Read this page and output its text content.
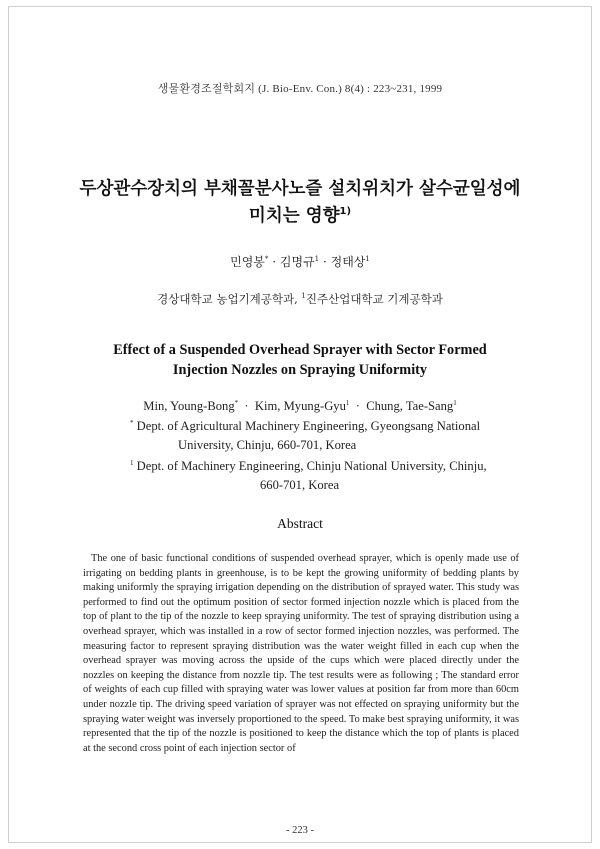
생물환경조절학회지 (J. Bio-Env. Con.) 8(4) : 223~231, 1999
두상관수장치의 부채꼴분사노즐 설치위치가 살수균일성에
미치는 영향$^{1)}$
민영봉* · 김명규$^1$ · 정태상$^1$
경상대학교 농업기계공학과, $^1$진주산업대학교 기계공학과
Effect of a Suspended Overhead Sprayer with Sector Formed
Injection Nozzles on Spraying Uniformity
Min, Young-Bong* · Kim, Myung-Gyu$^1$ · Chung, Tae-Sang$^1$
* Dept. of Agricultural Machinery Engineering, Gyeongsang National
University, Chinju, 660-701, Korea
$^1$ Dept. of Machinery Engineering, Chinju National University, Chinju,
660-701, Korea
Abstract
The one of basic functional conditions of suspended overhead sprayer, which is openly made use of irrigating on bedding plants in greenhouse, is to be kept the growing uniformity of bedding plants by making uniformly the spraying irrigation depending on the distribution of sprayed water. This study was performed to find out the optimum position of sector formed injection nozzle which is placed from the top of plant to the tip of the nozzle to keep spraying uniformity. The test of spraying distribution using a overhead sprayer, which was installed in a row of sector formed injection nozzles, was performed. The measuring factor to represent spraying distribution was the water weight filled in each cup when the overhead sprayer was moving across the upside of the cups which were placed directly under the nozzles on keeping the distance from nozzle tip. The test results were as following ; The standard error of weights of each cup filled with spraying water was lower values at position far from more than 60cm under nozzle tip. The driving speed variation of sprayer was not effected on spraying uniformity but the spraying water weight was inversely proportioned to the speed. To make best spraying uniformity, it was represented that the tip of the nozzle is positioned to keep the distance which the top of plants is placed at the second cross point of each injection sector of
- 223 -
